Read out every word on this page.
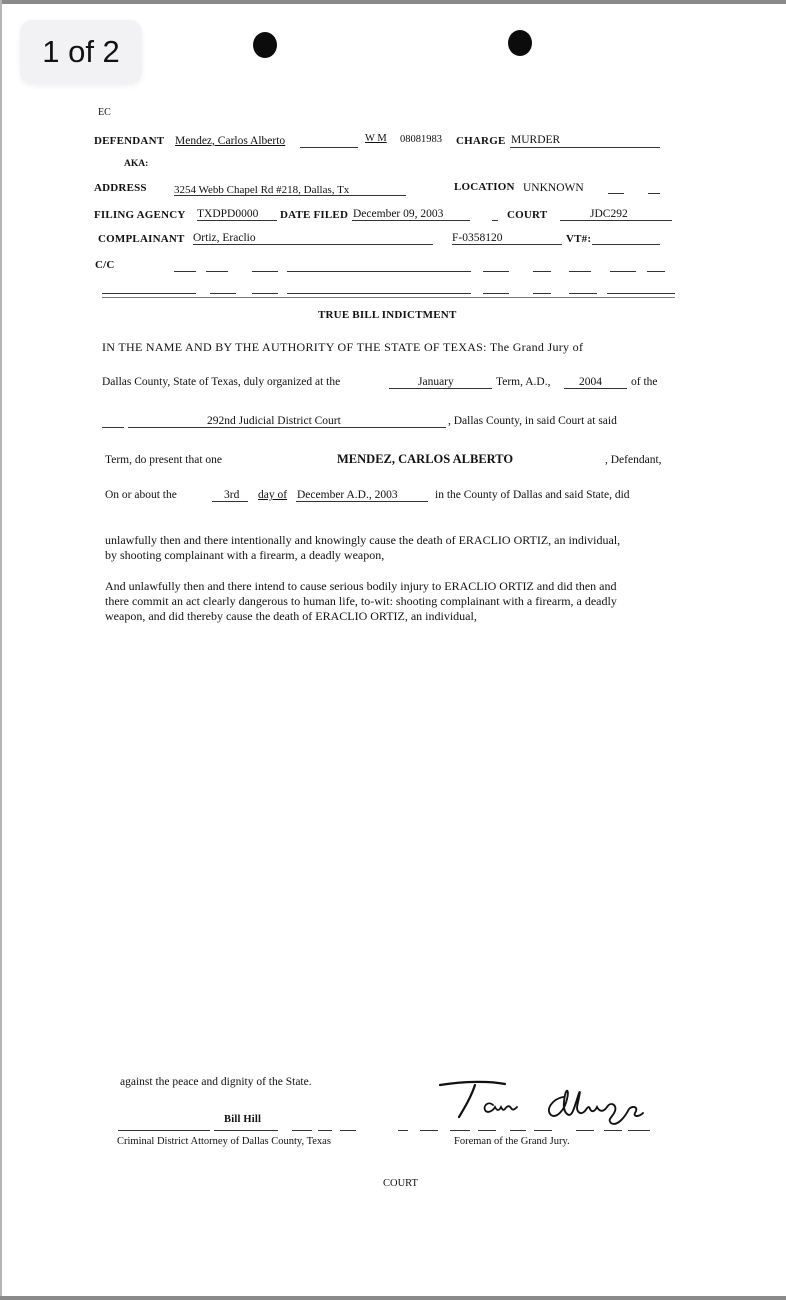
1 of 2
EC
DEFENDANT Mendez, Carlos Alberto	W M 08081983 CHARGE MURDER
AKA:
ADDRESS 3254 Webb Chapel Rd #218, Dallas, Tx	LOCATION UNKNOWN
FILING AGENCY TXDPD0000 DATE FILED December 09, 2003	COURT	JDC292
COMPLAINANT Ortiz, Eraclio	F-0358120	VT#:
C/C
TRUE BILL INDICTMENT
IN THE NAME AND BY THE AUTHORITY OF THE STATE OF TEXAS: The Grand Jury of
Dallas County, State of Texas, duly organized at the	January	Term, A.D., 2004	of the
292nd Judicial District Court	, Dallas County, in said Court at said
Term, do present that one	MENDEZ, CARLOS ALBERTO	, Defendant,
On or about the	3rd day of December A.D., 2003	in the County of Dallas and said State, did
unlawfully then and there intentionally and knowingly cause the death of ERACLIO ORTIZ, an individual,
by shooting complainant with a firearm, a deadly weapon,
And unlawfully then and there intend to cause serious bodily injury to ERACLIO ORTIZ and did then and
there commit an act clearly dangerous to human life, to-wit: shooting complainant with a firearm, a deadly
weapon, and did thereby cause the death of ERACLIO ORTIZ, an individual,
against the peace and dignity of the State.
Bill Hill
Criminal District Attorney of Dallas County, Texas	Foreman of the Grand Jury.
COURT
